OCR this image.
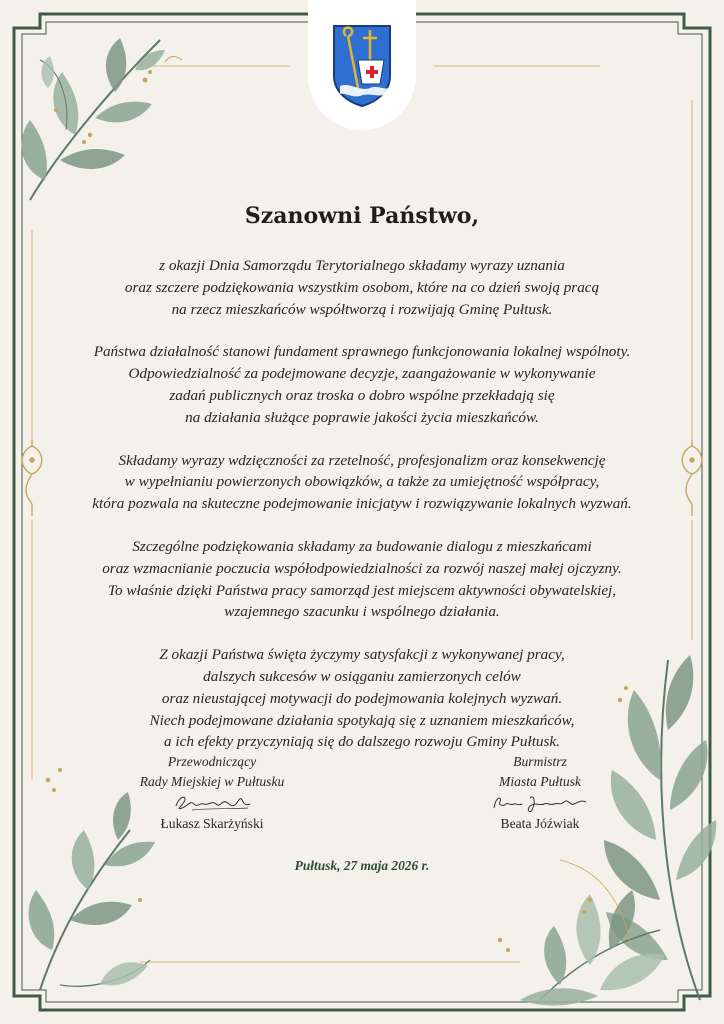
Szanowni Państwo,
z okazji Dnia Samorządu Terytorialnego składamy wyrazy uznania
oraz szczere podziękowania wszystkim osobom, które na co dzień swoją pracą
na rzecz mieszkańców współtworzą i rozwijają Gminę Pułtusk.
Państwa działalność stanowi fundament sprawnego funkcjonowania lokalnej wspólnoty.
Odpowiedzialność za podejmowane decyzje, zaangażowanie w wykonywanie
zadań publicznych oraz troska o dobro wspólne przekładają się
na działania służące poprawie jakości życia mieszkańców.
Składamy wyrazy wdzięczności za rzetelność, profesjonalizm oraz konsekwencję
w wypełnianiu powierzonych obowiązków, a także za umiejętność współpracy,
która pozwala na skuteczne podejmowanie inicjatyw i rozwiązywanie lokalnych wyzwań.
Szczególne podziękowania składamy za budowanie dialogu z mieszkańcami
oraz wzmacnianie poczucia współodpowiedzialności za rozwój naszej małej ojczyzny.
To właśnie dzięki Państwa pracy samorząd jest miejscem aktywności obywatelskiej,
wzajemnego szacunku i wspólnego działania.
Z okazji Państwa święta życzymy satysfakcji z wykonywanej pracy,
dalszych sukcesów w osiąganiu zamierzonych celów
oraz nieustającej motywacji do podejmowania kolejnych wyzwań.
Niech podejmowane działania spotykają się z uznaniem mieszkańców,
a ich efekty przyczyniają się do dalszego rozwoju Gminy Pułtusk.
Przewodniczący
Rady Miejskiej w Pułtusku
Łukasz Skarżyński
Burmistrz
Miasta Pułtusk
Beata Jóźwiak
Pułtusk, 27 maja 2026 r.
